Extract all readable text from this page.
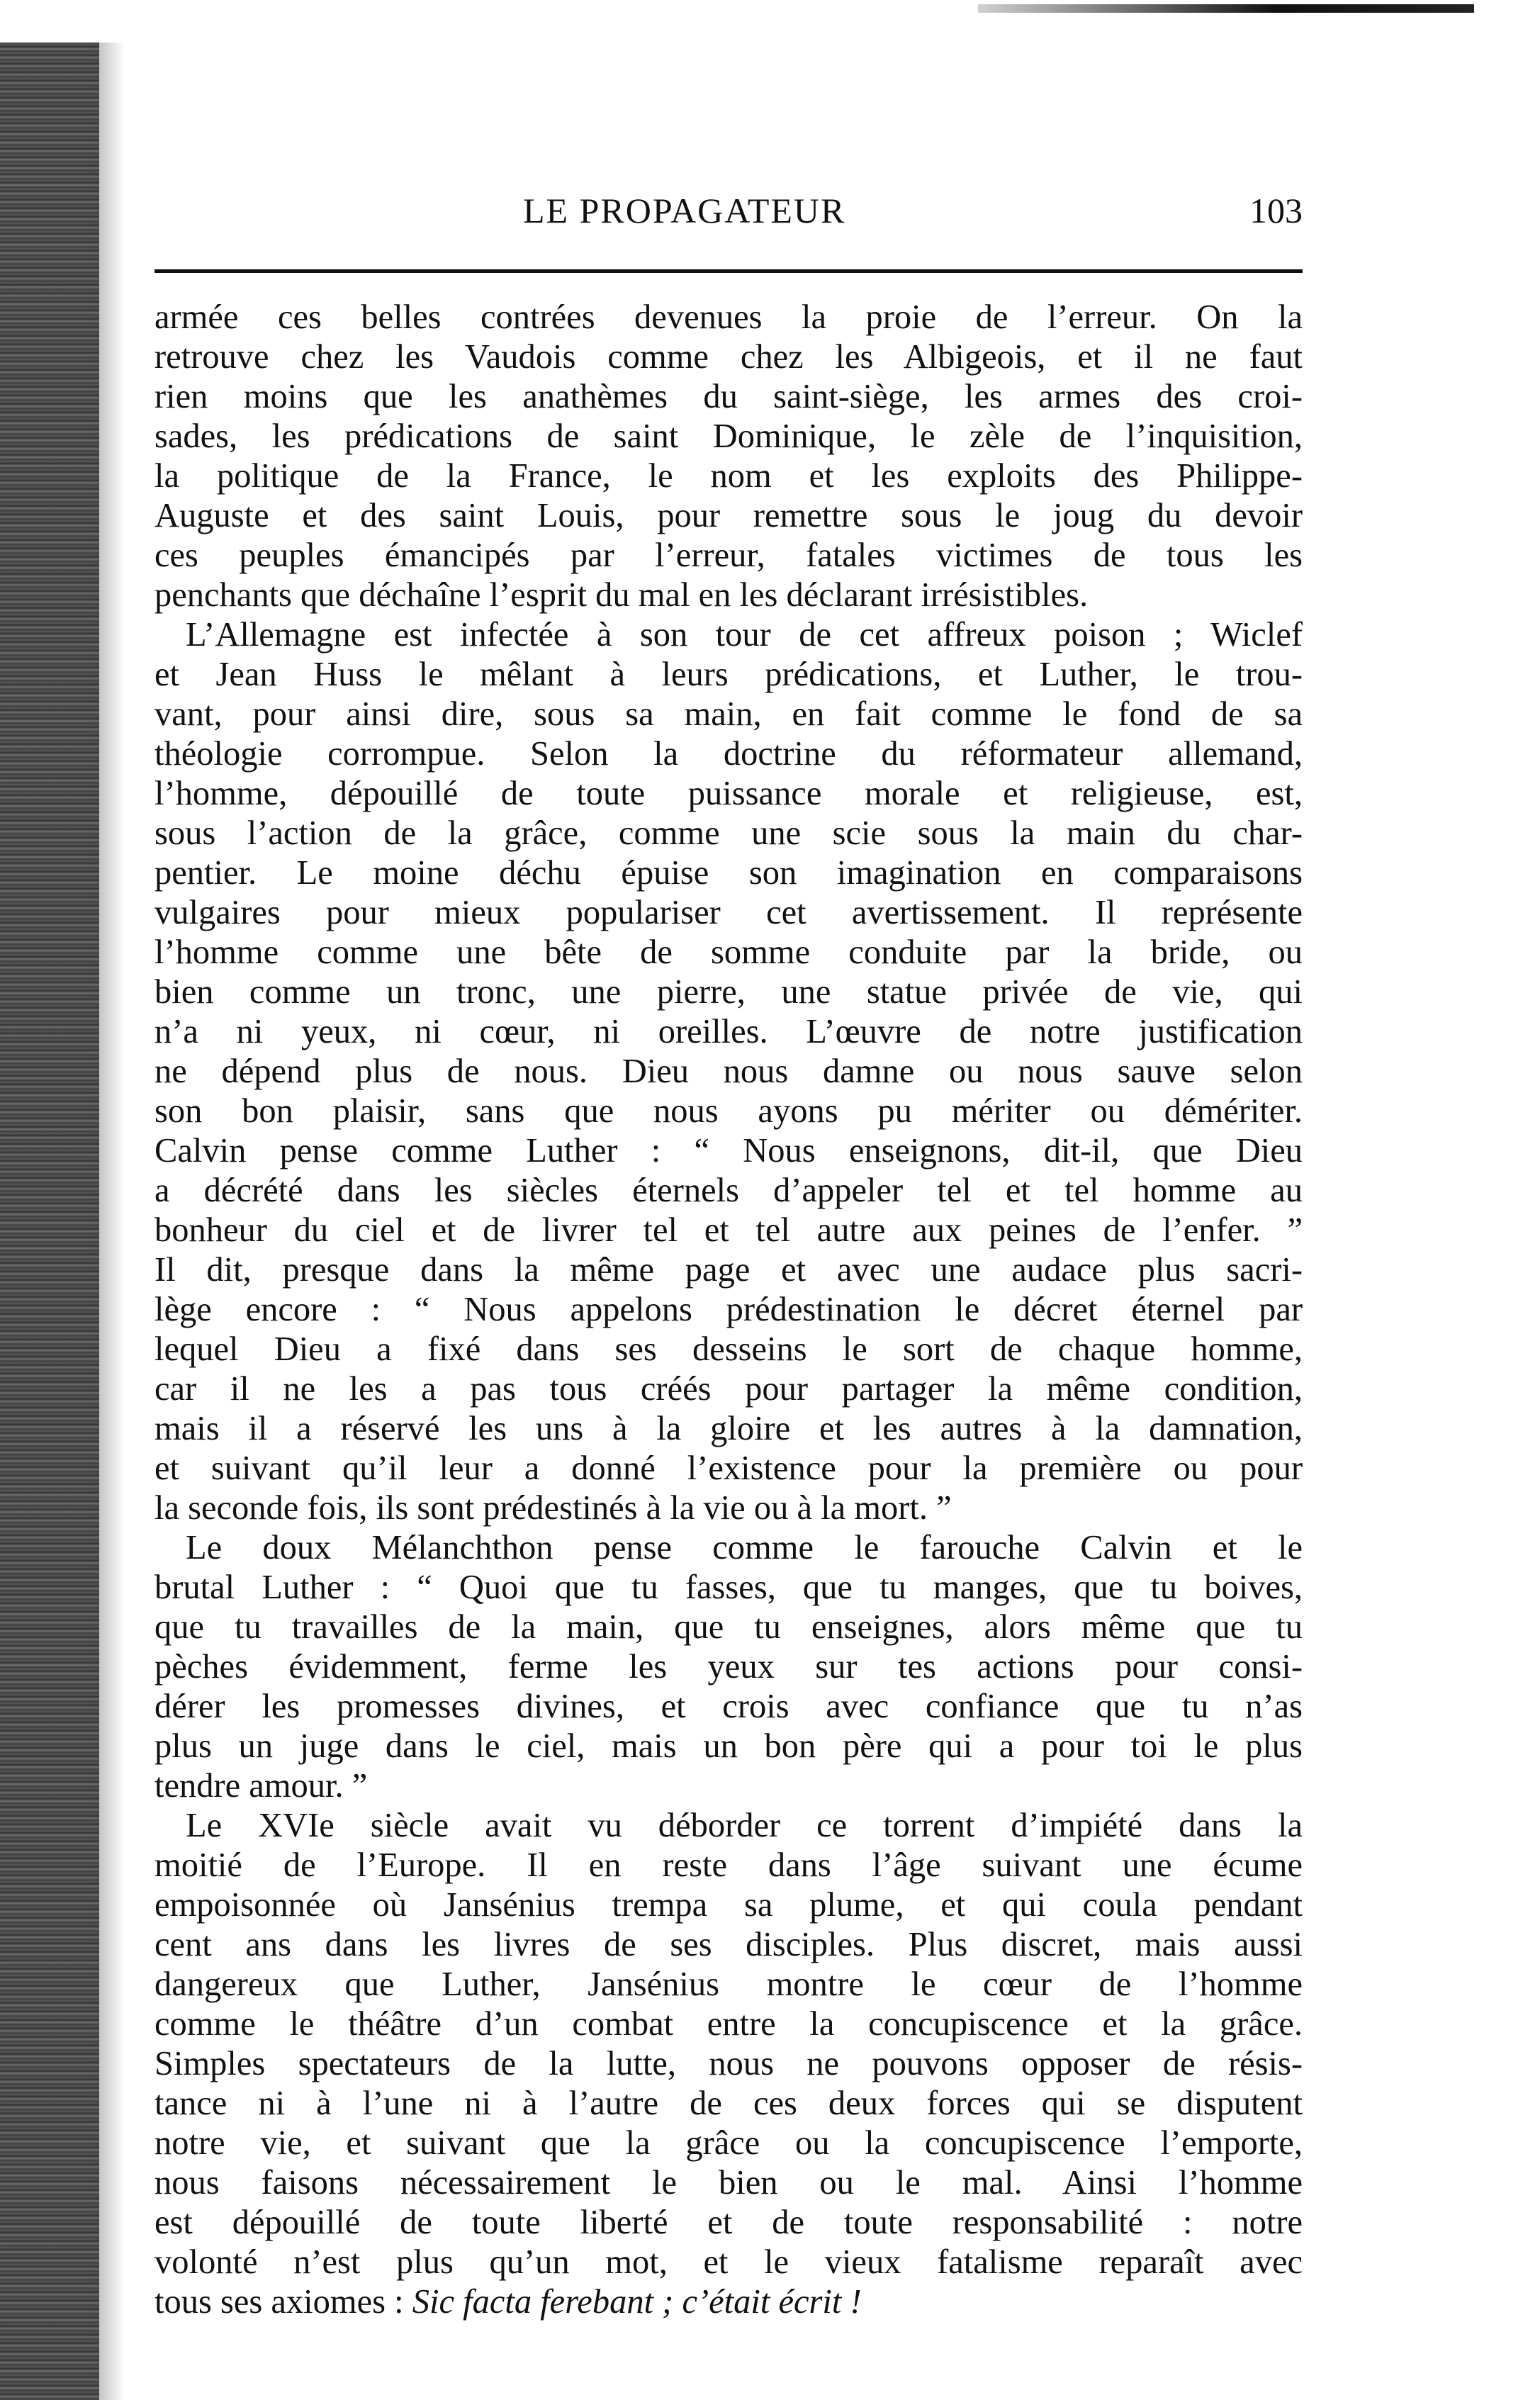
LE PROPAGATEUR	103
armée ces belles contrées devenues la proie de l’erreur. On la
retrouve chez les Vaudois comme chez les Albigeois, et il ne faut
rien moins que les anathèmes du saint-siège, les armes des croi-
sades, les prédications de saint Dominique, le zèle de l’inquisition,
la politique de la France, le nom et les exploits des Philippe-
Auguste et des saint Louis, pour remettre sous le joug du devoir
ces peuples émancipés par l’erreur, fatales victimes de tous les
penchants que déchaîne l’esprit du mal en les déclarant irrésistibles.
L’Allemagne est infectée à son tour de cet affreux poison ; Wiclef
et Jean Huss le mêlant à leurs prédications, et Luther, le trou-
vant, pour ainsi dire, sous sa main, en fait comme le fond de sa
théologie corrompue. Selon la doctrine du réformateur allemand,
l’homme, dépouillé de toute puissance morale et religieuse, est,
sous l’action de la grâce, comme une scie sous la main du char-
pentier. Le moine déchu épuise son imagination en comparaisons
vulgaires pour mieux populariser cet avertissement. Il représente
l’homme comme une bête de somme conduite par la bride, ou
bien comme un tronc, une pierre, une statue privée de vie, qui
n’a ni yeux, ni cœur, ni oreilles. L’œuvre de notre justification
ne dépend plus de nous. Dieu nous damne ou nous sauve selon
son bon plaisir, sans que nous ayons pu mériter ou démériter.
Calvin pense comme Luther : “ Nous enseignons, dit-il, que Dieu
a décrété dans les siècles éternels d’appeler tel et tel homme au
bonheur du ciel et de livrer tel et tel autre aux peines de l’enfer. ”
Il dit, presque dans la même page et avec une audace plus sacri-
lège encore : “ Nous appelons prédestination le décret éternel par
lequel Dieu a fixé dans ses desseins le sort de chaque homme,
car il ne les a pas tous créés pour partager la même condition,
mais il a réservé les uns à la gloire et les autres à la damnation,
et suivant qu’il leur a donné l’existence pour la première ou pour
la seconde fois, ils sont prédestinés à la vie ou à la mort. ”
Le doux Mélanchthon pense comme le farouche Calvin et le
brutal Luther : “ Quoi que tu fasses, que tu manges, que tu boives,
que tu travailles de la main, que tu enseignes, alors même que tu
pèches évidemment, ferme les yeux sur tes actions pour consi-
dérer les promesses divines, et crois avec confiance que tu n’as
plus un juge dans le ciel, mais un bon père qui a pour toi le plus
tendre amour. ”
Le XVIe siècle avait vu déborder ce torrent d’impiété dans la
moitié de l’Europe. Il en reste dans l’âge suivant une écume
empoisonnée où Jansénius trempa sa plume, et qui coula pendant
cent ans dans les livres de ses disciples. Plus discret, mais aussi
dangereux que Luther, Jansénius montre le cœur de l’homme
comme le théâtre d’un combat entre la concupiscence et la grâce.
Simples spectateurs de la lutte, nous ne pouvons opposer de résis-
tance ni à l’une ni à l’autre de ces deux forces qui se disputent
notre vie, et suivant que la grâce ou la concupiscence l’emporte,
nous faisons nécessairement le bien ou le mal. Ainsi l’homme
est dépouillé de toute liberté et de toute responsabilité : notre
volonté n’est plus qu’un mot, et le vieux fatalisme reparaît avec
tous ses axiomes : Sic facta ferebant ; c’était écrit !
